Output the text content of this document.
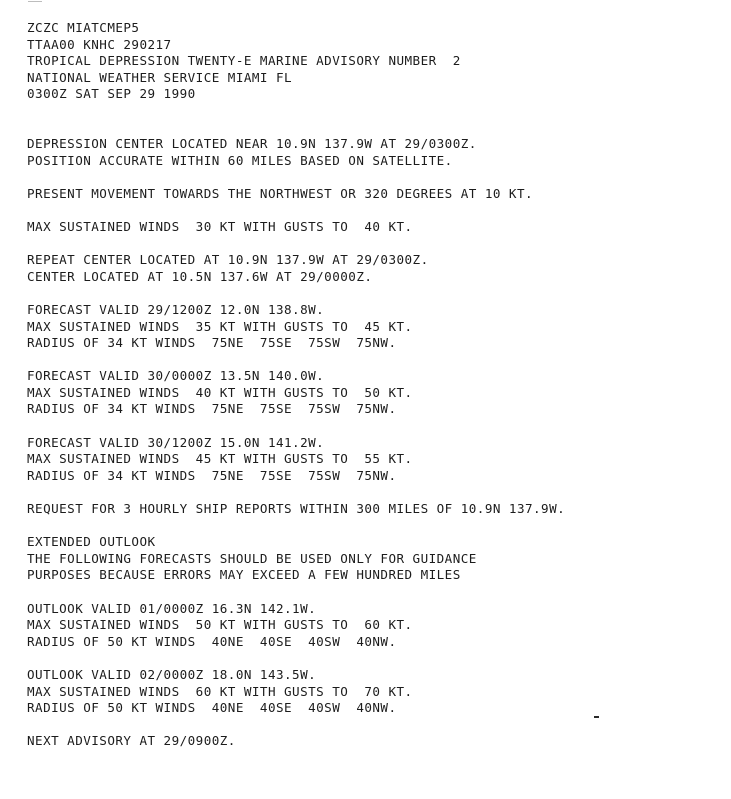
ZCZC MIATCMEP5
TTAA00 KNHC 290217
TROPICAL DEPRESSION TWENTY-E MARINE ADVISORY NUMBER  2
NATIONAL WEATHER SERVICE MIAMI FL
0300Z SAT SEP 29 1990
DEPRESSION CENTER LOCATED NEAR 10.9N 137.9W AT 29/0300Z.
POSITION ACCURATE WITHIN 60 MILES BASED ON SATELLITE.
PRESENT MOVEMENT TOWARDS THE NORTHWEST OR 320 DEGREES AT 10 KT.
MAX SUSTAINED WINDS  30 KT WITH GUSTS TO  40 KT.
REPEAT CENTER LOCATED AT 10.9N 137.9W AT 29/0300Z.
CENTER LOCATED AT 10.5N 137.6W AT 29/0000Z.
FORECAST VALID 29/1200Z 12.0N 138.8W.
MAX SUSTAINED WINDS  35 KT WITH GUSTS TO  45 KT.
RADIUS OF 34 KT WINDS  75NE  75SE  75SW  75NW.
FORECAST VALID 30/0000Z 13.5N 140.0W.
MAX SUSTAINED WINDS  40 KT WITH GUSTS TO  50 KT.
RADIUS OF 34 KT WINDS  75NE  75SE  75SW  75NW.
FORECAST VALID 30/1200Z 15.0N 141.2W.
MAX SUSTAINED WINDS  45 KT WITH GUSTS TO  55 KT.
RADIUS OF 34 KT WINDS  75NE  75SE  75SW  75NW.
REQUEST FOR 3 HOURLY SHIP REPORTS WITHIN 300 MILES OF 10.9N 137.9W.
EXTENDED OUTLOOK
THE FOLLOWING FORECASTS SHOULD BE USED ONLY FOR GUIDANCE
PURPOSES BECAUSE ERRORS MAY EXCEED A FEW HUNDRED MILES
OUTLOOK VALID 01/0000Z 16.3N 142.1W.
MAX SUSTAINED WINDS  50 KT WITH GUSTS TO  60 KT.
RADIUS OF 50 KT WINDS  40NE  40SE  40SW  40NW.
OUTLOOK VALID 02/0000Z 18.0N 143.5W.
MAX SUSTAINED WINDS  60 KT WITH GUSTS TO  70 KT.
RADIUS OF 50 KT WINDS  40NE  40SE  40SW  40NW.
NEXT ADVISORY AT 29/0900Z.
